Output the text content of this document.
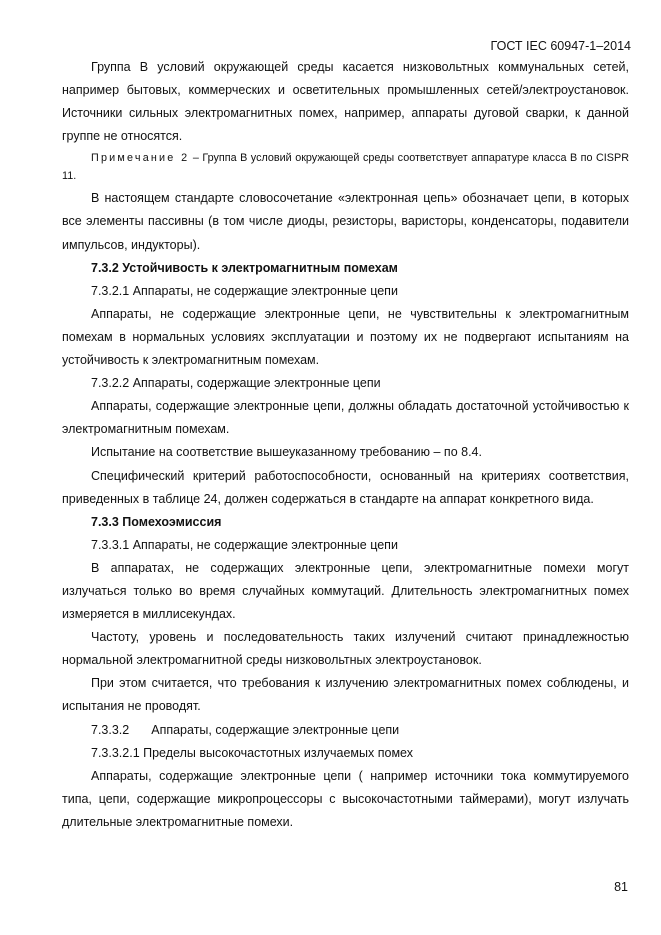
ГОСТ IEC 60947-1–2014

Группа B условий окружающей среды касается низковольтных коммунальных сетей, например бытовых, коммерческих и осветительных промышленных сетей/электроустановок. Источники сильных электромагнитных помех, например, аппараты дуговой сварки, к данной группе не относятся.

Примечание 2 – Группа B условий окружающей среды соответствует аппаратуре класса B по CISPR 11.

В настоящем стандарте словосочетание «электронная цепь» обозначает цепи, в которых все элементы пассивны (в том числе диоды, резисторы, варисторы, конденсаторы, подавители импульсов, индукторы).

7.3.2 Устойчивость к электромагнитным помехам

7.3.2.1 Аппараты, не содержащие электронные цепи

Аппараты, не содержащие электронные цепи, не чувствительны к электромагнитным помехам в нормальных условиях эксплуатации и поэтому их не подвергают испытаниям на устойчивость к электромагнитным помехам.

7.3.2.2 Аппараты, содержащие электронные цепи

Аппараты, содержащие электронные цепи, должны обладать достаточной устойчивостью к электромагнитным помехам.

Испытание на соответствие вышеуказанному требованию – по 8.4.

Специфический критерий работоспособности, основанный на критериях соответствия, приведенных в таблице 24, должен содержаться в стандарте на аппарат конкретного вида.

7.3.3 Помехоэмиссия

7.3.3.1 Аппараты, не содержащие электронные цепи

В аппаратах, не содержащих электронные цепи, электромагнитные помехи могут излучаться только во время случайных коммутаций. Длительность электромагнитных помех измеряется в миллисекундах.

Частоту, уровень и последовательность таких излучений считают принадлежностью нормальной электромагнитной среды низковольтных электроустановок.

При этом считается, что требования к излучению электромагнитных помех соблюдены, и испытания не проводят.

7.3.3.2 Аппараты, содержащие электронные цепи

7.3.3.2.1 Пределы высокочастотных излучаемых помех

Аппараты, содержащие электронные цепи ( например источники тока коммутируемого типа, цепи, содержащие микропроцессоры с высокочастотными таймерами), могут излучать длительные электромагнитные помехи.

81
